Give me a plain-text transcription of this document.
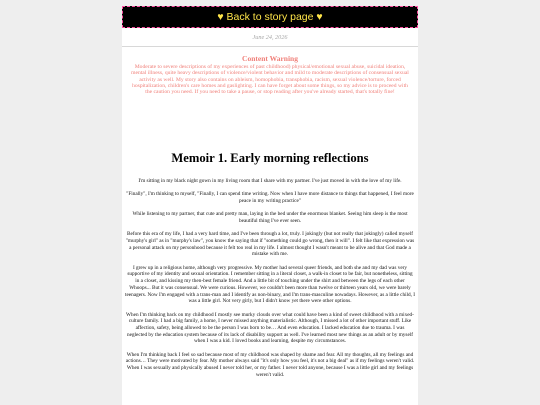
♥ Back to story page ♥
June 24, 2026
Content Warning
Moderate to severe descriptions of my experiences of past childhood) physical/emotional sexual abuse, suicidal ideation, mental illness, quite heavy descriptions of violence/violent behavior and mild to moderate descriptions of consensual sexual activity as well. My story also contains on ableism, homophobia, transphobia, racism, sexual violence/torture, forced hospitalization, children's care homes and gaslighting. I can have forget about some things, so my advice is to proceed with the caution you need. If you need to take a pause, or stop reading after you've already started, that's totally fine!
Memoir 1. Early morning reflections

I'm sitting in my black night gown in my living room that I share with my partner. I've just moved in with the love of my life.

"Finally", I'm thinking to myself, "Finally, I can spend time writing. Now when I have more distance to things that happened, I feel more peace in my writing practice"

While listening to my partner, that cute and pretty man, laying in the bed under the enormous blanket. Seeing him sleep is the most beautiful thing I've ever seen.

Before this era of my life, I had a very hard time, and I've been through a lot, truly. I jokingly (but not really that jokingly) called myself "murphy's girl" as in "murphy's law", you know the saying that if "something could go wrong, then it will". I felt like that expression was a personal attack on my personhood because it felt too real in my life. I almost thought I wasn't meant to be alive and that God made a mistake with me.

I grew up in a religious home, although very progressive. My mother had several queer friends, and both she and my dad was very supportive of my identity and sexual orientation. I remember sitting in a literal closet, a walk-in closet to be fair, but nonetheless, sitting in a closet, and kissing my then-best female friend. And a little bit of touching under the shirt and between the legs of each other Whoops... But it was consensual. We were curious. However, we couldn't been more than twelve or thirteen years old, we were barely teenagers. Now I'm engaged with a trans-man and I identify as non-binary, and I'm trans-masculine nowadays. However, as a little child, I was a little girl. Not very girly, but I didn't know yet there were other options.

When I'm thinking back on my childhood I mostly see murky clouds over what could have been a kind of sweet childhood with a mixed-culture family. I had a big family, a home, I never missed anything materialistic. Although, I missed a lot of other important stuff. Like affection, safety, being allowed to be the person I was born to be… And even education. I lacked education due to trauma. I was neglected by the education system because of its lack of disability support as well. I've learned most new things as an adult or by myself when I was a kid. I loved books and learning, despite my circumstances.

When I'm thinking back I feel so sad because most of my childhood was shaped by shame and fear. All my thoughts, all my feelings and actions… They were motivated by fear. My mother always said "it's only how you feel, it's not a big deal" as if my feelings weren't valid. When I was sexually and physically abused I never told her, or my father. I never told anyone, because I was a little girl and my feelings weren't valid.
